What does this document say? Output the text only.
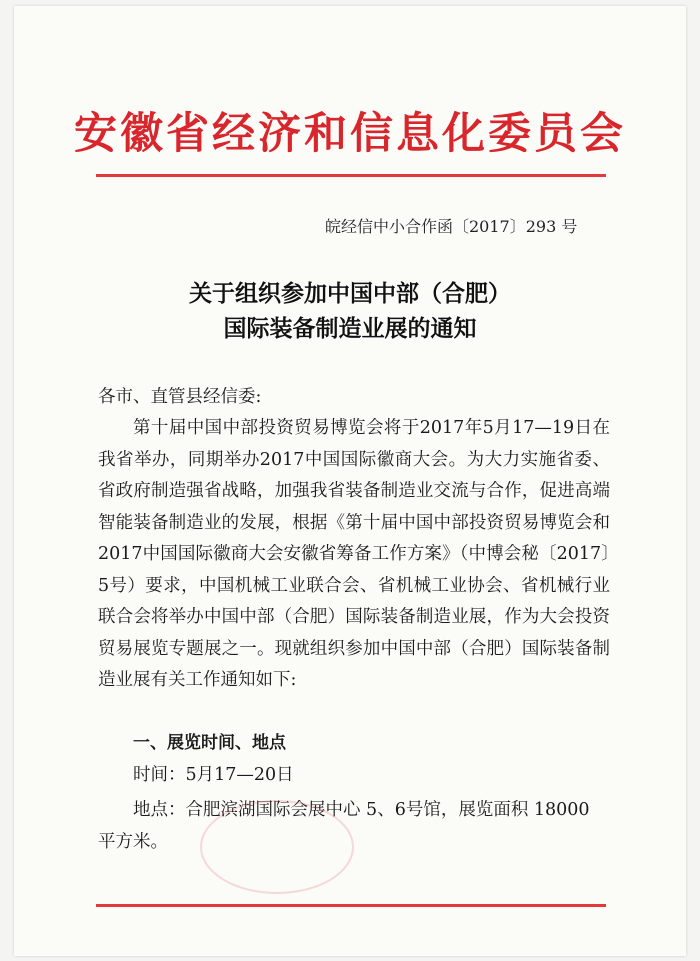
安徽省经济和信息化委员会
皖经信中小合作函〔2017〕293 号
关于组织参加中国中部（合肥）
国际装备制造业展的通知
各市、直管县经信委:
第十届中国中部投资贸易博览会将于2017年5月17—19日在我省举办，同期举办2017中国国际徽商大会。为大力实施省委、省政府制造强省战略，加强我省装备制造业交流与合作，促进高端智能装备制造业的发展，根据《第十届中国中部投资贸易博览会和2017中国国际徽商大会安徽省筹备工作方案》（中博会秘〔2017〕5号）要求，中国机械工业联合会、省机械工业协会、省机械行业联合会将举办中国中部（合肥）国际装备制造业展，作为大会投资贸易展览专题展之一。现就组织参加中国中部（合肥）国际装备制造业展有关工作通知如下:
一、展览时间、地点
时间：5月17—20日
地点：合肥滨湖国际会展中心 5、6号馆，展览面积 18000 平方米。
